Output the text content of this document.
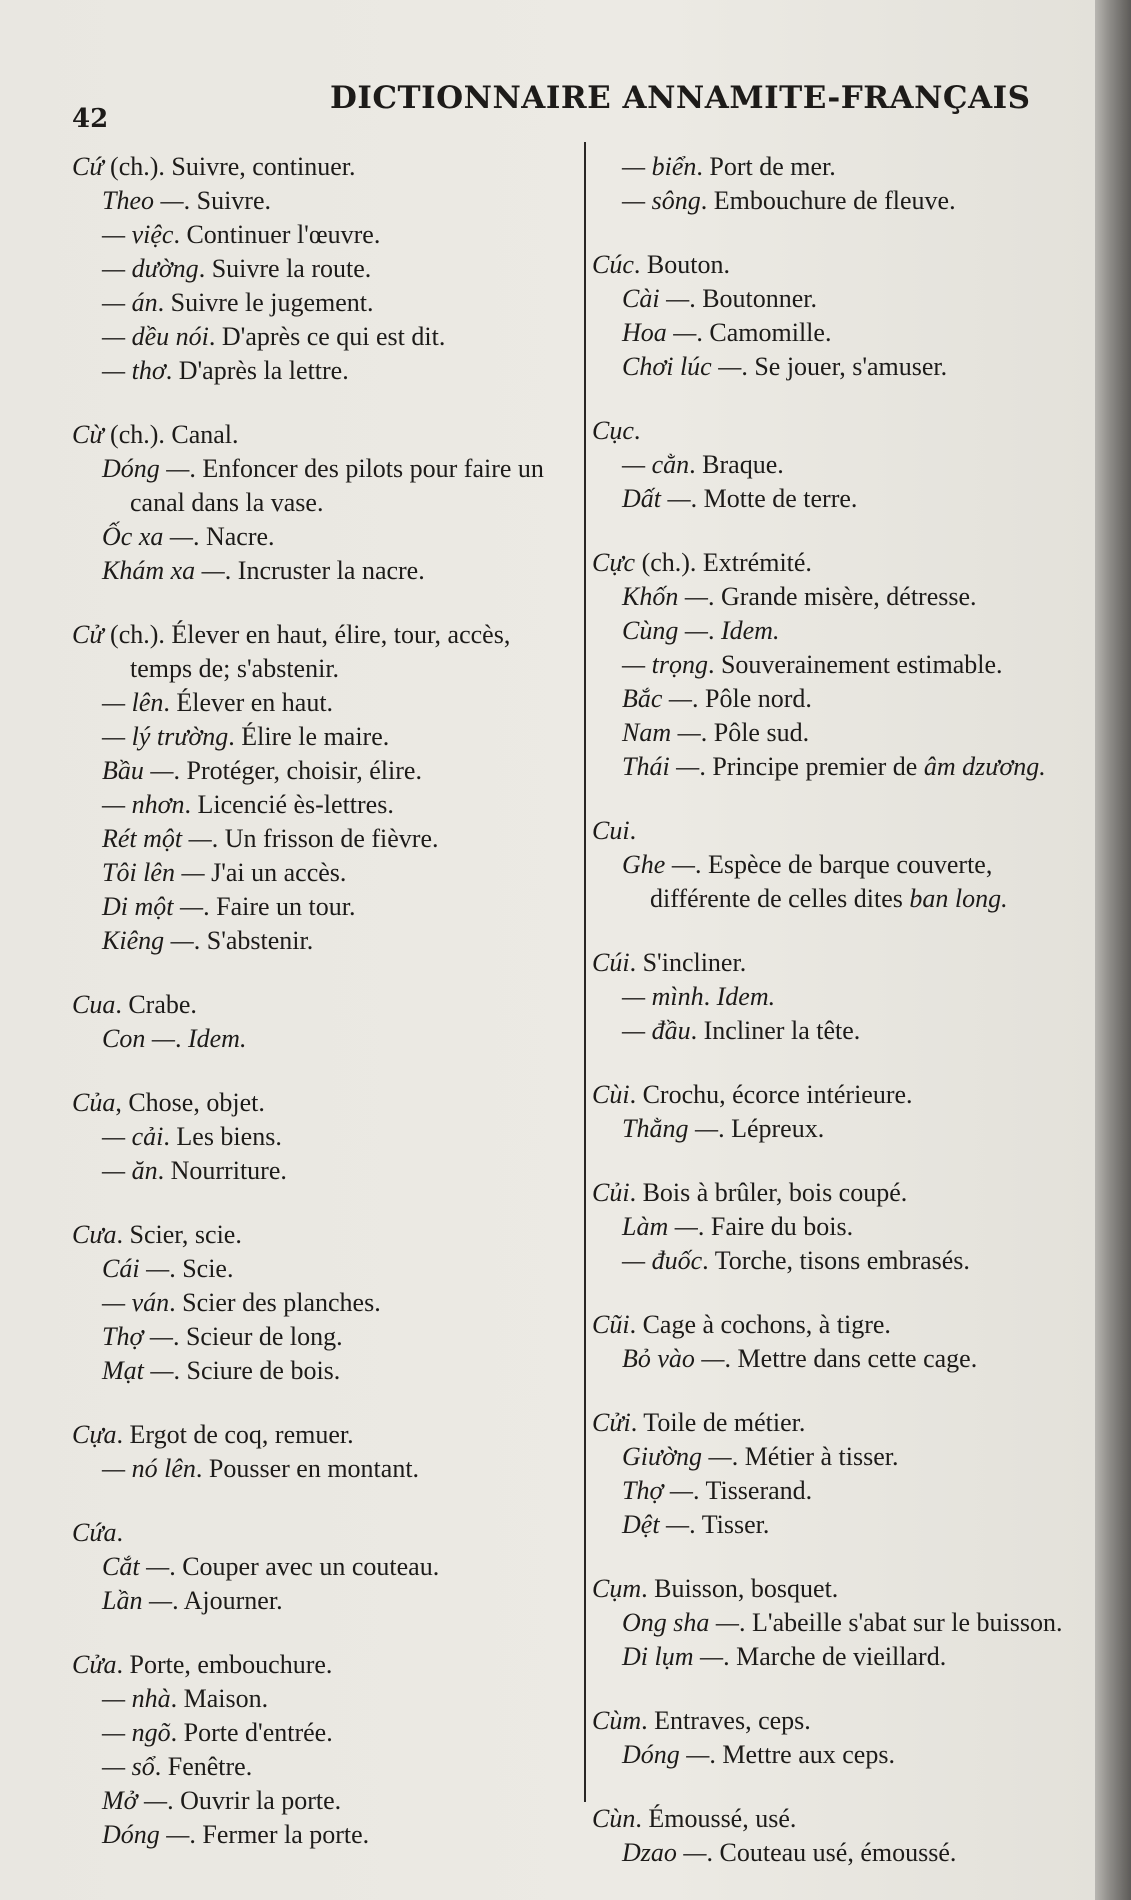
42
DICTIONNAIRE ANNAMITE-FRANÇAIS
Cứ (ch.). Suivre, continuer.
Theo —. Suivre.
— việc. Continuer l'œuvre.
— dường. Suivre la route.
— án. Suivre le jugement.
— dều nói. D'après ce qui est dit.
— thơ. D'après la lettre.
Cừ (ch.). Canal.
Dóng —. Enfoncer des pilots pour faire un canal dans la vase.
Ốc xa —. Nacre.
Khám xa —. Incruster la nacre.
Cử (ch.). Élever en haut, élire, tour, accès, temps de; s'abstenir.
— lên. Élever en haut.
— lý trường. Élire le maire.
Bầu —. Protéger, choisir, élire.
— nhơn. Licencié ès-lettres.
Rét một —. Un frisson de fièvre.
Tôi lên — J'ai un accès.
Di một —. Faire un tour.
Kiêng —. S'abstenir.
Cua. Crabe.
Con —. Idem.
Của, Chose, objet.
— cải. Les biens.
— ăn. Nourriture.
Cưa. Scier, scie.
Cái —. Scie.
— ván. Scier des planches.
Thợ —. Scieur de long.
Mạt —. Sciure de bois.
Cựa. Ergot de coq, remuer.
— nó lên. Pousser en montant.
Cứa.
Cắt —. Couper avec un couteau.
Lần —. Ajourner.
Cửa. Porte, embouchure.
— nhà. Maison.
— ngõ. Porte d'entrée.
— sổ. Fenêtre.
Mở —. Ouvrir la porte.
Dóng —. Fermer la porte.
— biển. Port de mer.
— sông. Embouchure de fleuve.
Cúc. Bouton.
Cài —. Boutonner.
Hoa —. Camomille.
Chơi lúc —. Se jouer, s'amuser.
Cục.
— cằn. Braque.
Dất —. Motte de terre.
Cực (ch.). Extrémité.
Khốn —. Grande misère, détresse.
Cùng —. Idem.
— trọng. Souverainement estimable.
Bắc —. Pôle nord.
Nam —. Pôle sud.
Thái —. Principe premier de âm dzương.
Cui.
Ghe —. Espèce de barque couverte, différente de celles dites ban long.
Cúi. S'incliner.
— mình. Idem.
— đầu. Incliner la tête.
Cùi. Crochu, écorce intérieure.
Thằng —. Lépreux.
Củi. Bois à brûler, bois coupé.
Làm —. Faire du bois.
— đuốc. Torche, tisons embrasés.
Cũi. Cage à cochons, à tigre.
Bỏ vào —. Mettre dans cette cage.
Cửi. Toile de métier.
Giường —. Métier à tisser.
Thợ —. Tisserand.
Dệt —. Tisser.
Cụm. Buisson, bosquet.
Ong sha —. L'abeille s'abat sur le buisson.
Di lụm —. Marche de vieillard.
Cùm. Entraves, ceps.
Dóng —. Mettre aux ceps.
Cùn. Émoussé, usé.
Dzao —. Couteau usé, émoussé.
